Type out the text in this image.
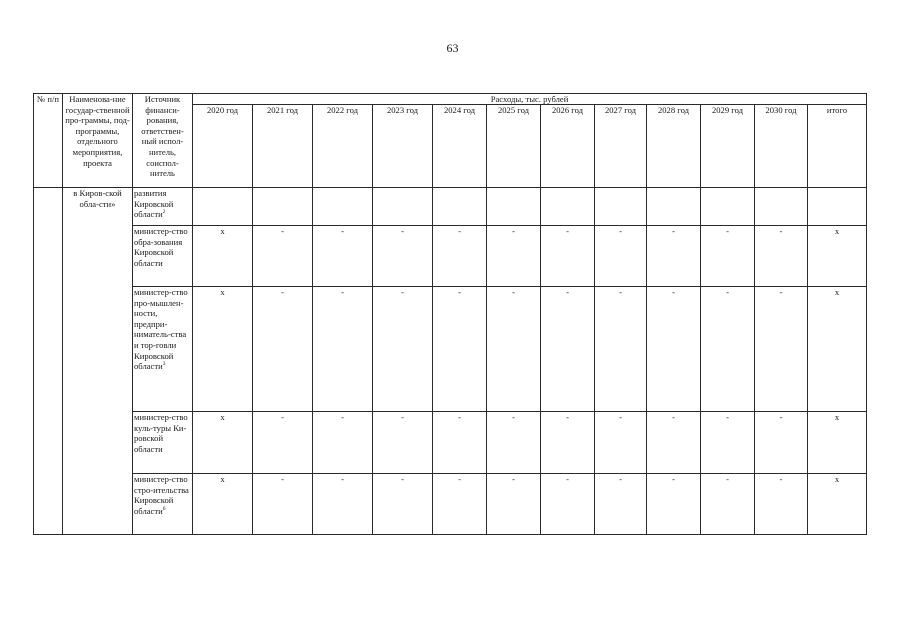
63
№ п/п	Наименова-ние государ-ственной про-граммы, под-программы, отдельного мероприятия, проекта	Источник финанси-рования, ответствен-ный испол-нитель, соиспол-нитель	Расходы, тыс. рублей											
			2020 год	2021 год	2022 год	2023 год	2024 год	2025 год	2026 год	2027 год	2028 год	2029 год	2030 год	итого
	в Киров-ской обла-сти»	развития Кировской области$^2$												
		министер-ство обра-зования Кировской области	x	-	-	-	-	-	-	-	-	-	-	x
		министер-ство про-мышлен-ности, предпри-ниматель-ства и тор-говли Кировской области$^3$	x	-	-	-	-	-	-	-	-	-	-	x
		министер-ство куль-туры Ки-ровской области	x	-	-	-	-	-	-	-	-	-	-	x
		министер-ство стро-ительства Кировской области$^6$	x	-	-	-	-	-	-	-	-	-	-	x
